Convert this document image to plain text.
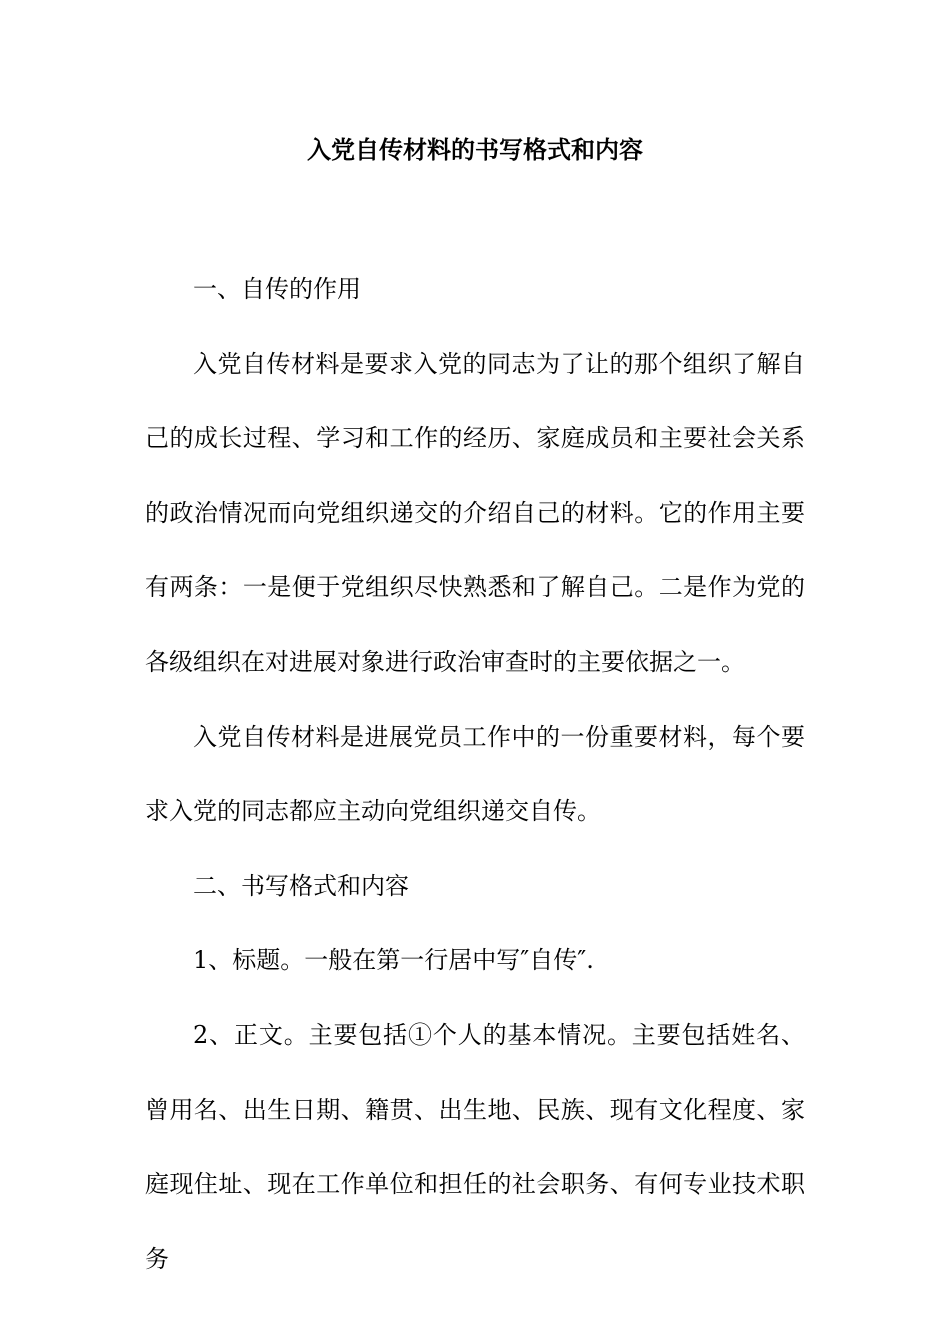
入党自传材料的书写格式和内容

一、自传的作用

入党自传材料是要求入党的同志为了让的那个组织了解自己的成长过程、学习和工作的经历、家庭成员和主要社会关系的政治情况而向党组织递交的介绍自己的材料。它的作用主要有两条：一是便于党组织尽快熟悉和了解自己。二是作为党的各级组织在对进展对象进行政治审查时的主要依据之一。

入党自传材料是进展党员工作中的一份重要材料，每个要求入党的同志都应主动向党组织递交自传。

二、书写格式和内容

1、标题。一般在第一行居中写″自传″.

2、正文。主要包括①个人的基本情况。主要包括姓名、曾用名、出生日期、籍贯、出生地、民族、现有文化程度、家庭现住址、现在工作单位和担任的社会职务、有何专业技术职务
